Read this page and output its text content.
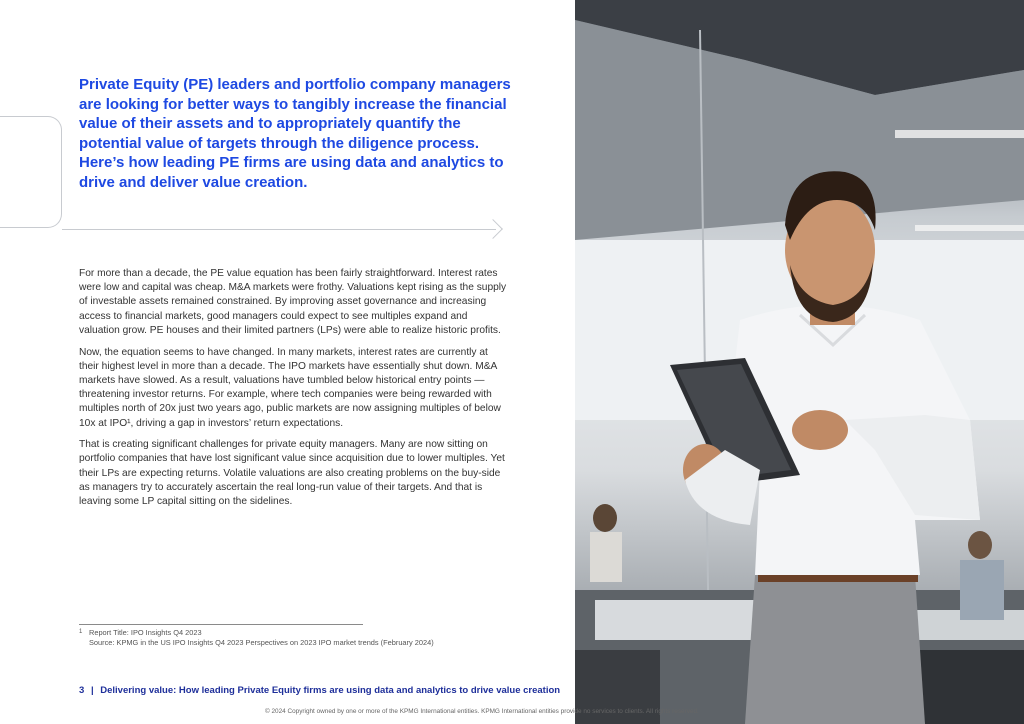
Private Equity (PE) leaders and portfolio company managers are looking for better ways to tangibly increase the financial value of their assets and to appropriately quantify the potential value of targets through the diligence process. Here’s how leading PE firms are using data and analytics to drive and deliver value creation.

For more than a decade, the PE value equation has been fairly straightforward. Interest rates were low and capital was cheap. M&A markets were frothy. Valuations kept rising as the supply of investable assets remained constrained. By improving asset governance and increasing access to financial markets, good managers could expect to see multiples expand and valuation grow. PE houses and their limited partners (LPs) were able to realize historic profits.

Now, the equation seems to have changed. In many markets, interest rates are currently at their highest level in more than a decade. The IPO markets have essentially shut down. M&A markets have slowed. As a result, valuations have tumbled below historical entry points — threatening investor returns. For example, where tech companies were being rewarded with multiples north of 20x just two years ago, public markets are now assigning multiples of below 10x at IPO¹, driving a gap in investors’ return expectations.

That is creating significant challenges for private equity managers. Many are now sitting on portfolio companies that have lost significant value since acquisition due to lower multiples. Yet their LPs are expecting returns. Volatile valuations are also creating problems on the buy-side as managers try to accurately ascertain the real long-run value of their targets. And that is leaving some LP capital sitting on the sidelines.

1 Report Title: IPO Insights Q4 2023
Source: KPMG in the US IPO Insights Q4 2023 Perspectives on 2023 IPO market trends (February 2024)
3 | Delivering value: How leading Private Equity firms are using data and analytics to drive value creation
© 2024 Copyright owned by one or more of the KPMG International entities. KPMG International entities provide no services to clients. All rights reserved.
